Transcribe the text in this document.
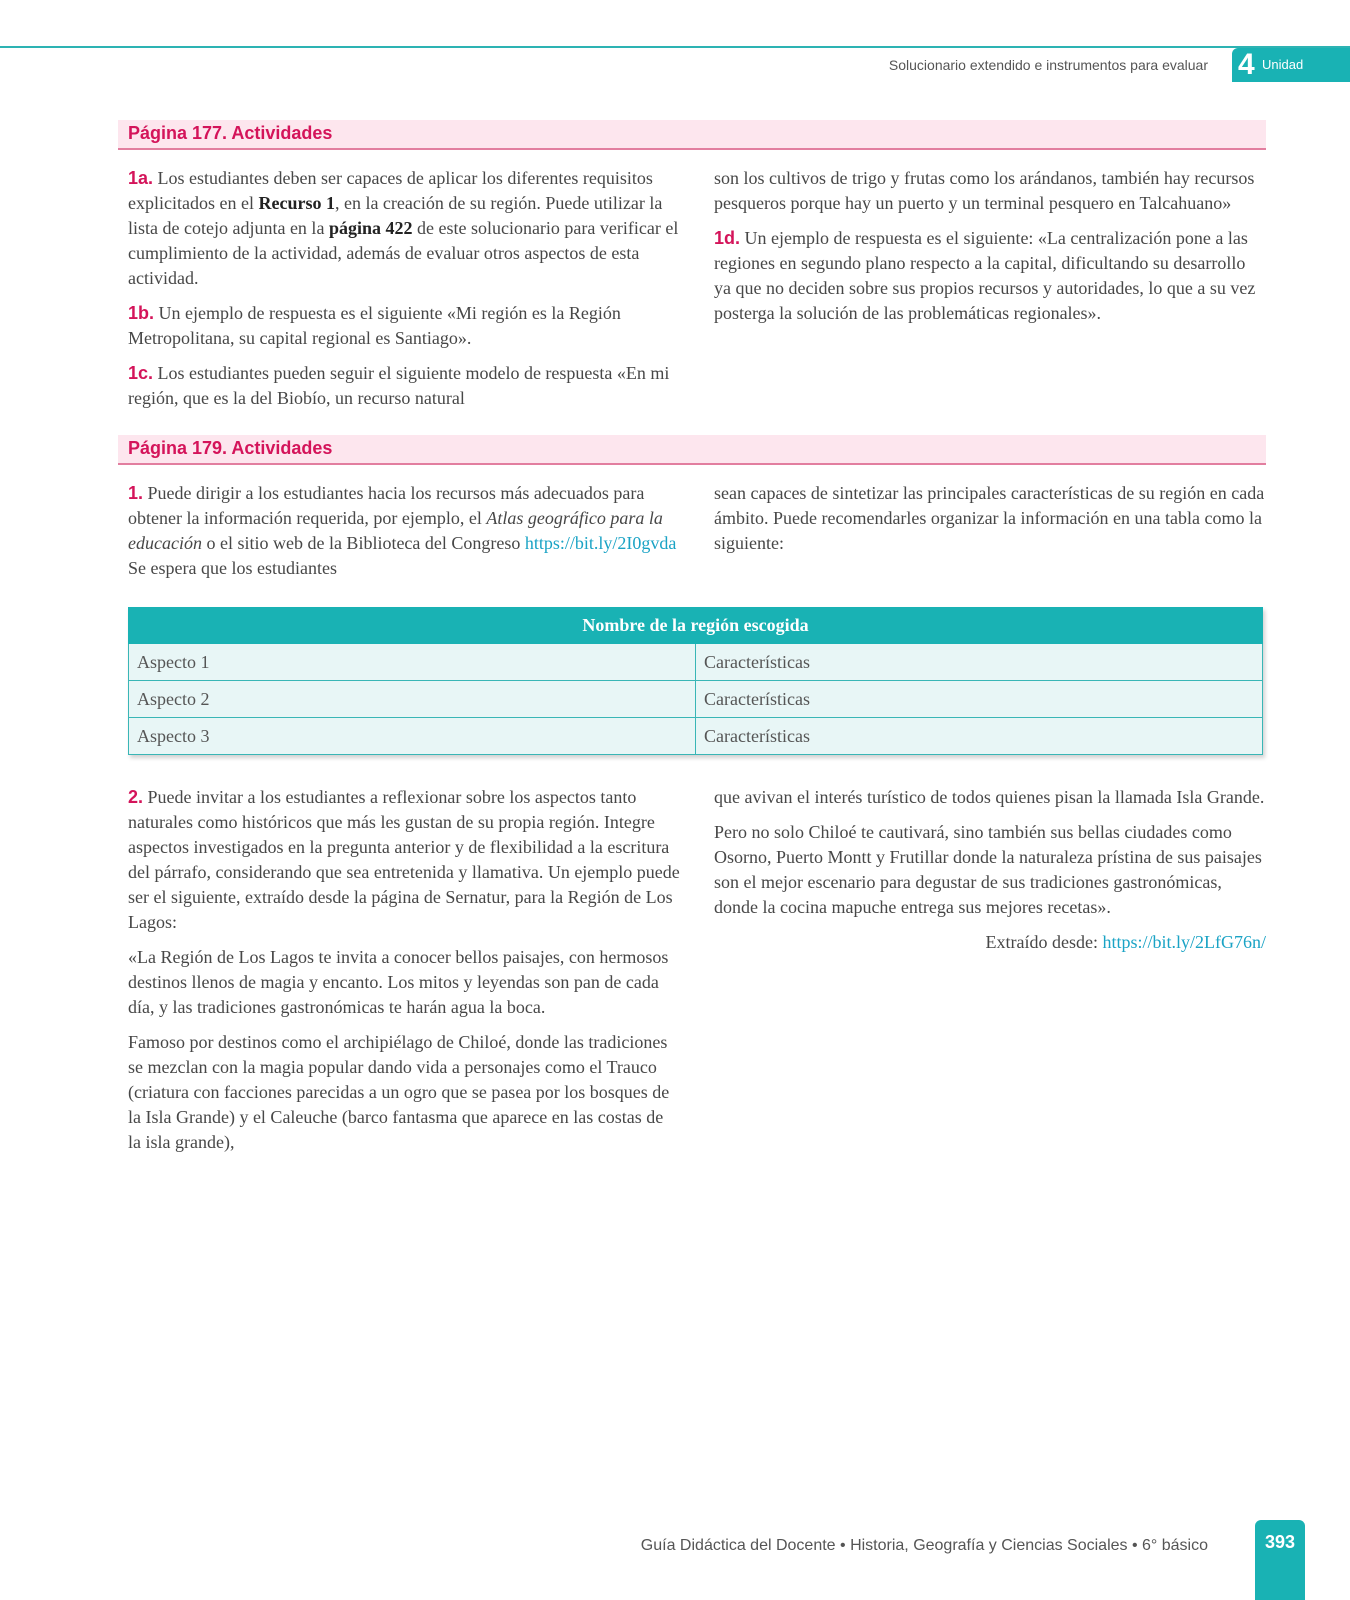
Solucionario extendido e instrumentos para evaluar 4 Unidad
Página 177. Actividades

1a. Los estudiantes deben ser capaces de aplicar los diferentes requisitos explicitados en el Recurso 1, en la creación de su región. Puede utilizar la lista de cotejo adjunta en la página 422 de este solucionario para verificar el cumplimiento de la actividad, además de evaluar otros aspectos de esta actividad.

1b. Un ejemplo de respuesta es el siguiente «Mi región es la Región Metropolitana, su capital regional es Santiago».

1c. Los estudiantes pueden seguir el siguiente modelo de respuesta «En mi región, que es la del Biobío, un recurso natural

son los cultivos de trigo y frutas como los arándanos, también hay recursos pesqueros porque hay un puerto y un terminal pesquero en Talcahuano»

1d. Un ejemplo de respuesta es el siguiente: «La centralización pone a las regiones en segundo plano respecto a la capital, dificultando su desarrollo ya que no deciden sobre sus propios recursos y autoridades, lo que a su vez posterga la solución de las problemáticas regionales».

Página 179. Actividades

1. Puede dirigir a los estudiantes hacia los recursos más adecuados para obtener la información requerida, por ejemplo, el Atlas geográfico para la educación o el sitio web de la Biblioteca del Congreso https://bit.ly/2I0gvda Se espera que los estudiantes

sean capaces de sintetizar las principales características de su región en cada ámbito. Puede recomendarles organizar la información en una tabla como la siguiente:

Nombre de la región escogida	
Aspecto 1	Características
Aspecto 2	Características
Aspecto 3	Características

2. Puede invitar a los estudiantes a reflexionar sobre los aspectos tanto naturales como históricos que más les gustan de su propia región. Integre aspectos investigados en la pregunta anterior y de flexibilidad a la escritura del párrafo, considerando que sea entretenida y llamativa. Un ejemplo puede ser el siguiente, extraído desde la página de Sernatur, para la Región de Los Lagos:

«La Región de Los Lagos te invita a conocer bellos paisajes, con hermosos destinos llenos de magia y encanto. Los mitos y leyendas son pan de cada día, y las tradiciones gastronómicas te harán agua la boca.

Famoso por destinos como el archipiélago de Chiloé, donde las tradiciones se mezclan con la magia popular dando vida a personajes como el Trauco (criatura con facciones parecidas a un ogro que se pasea por los bosques de la Isla Grande) y el Caleuche (barco fantasma que aparece en las costas de la isla grande),

que avivan el interés turístico de todos quienes pisan la llamada Isla Grande.

Pero no solo Chiloé te cautivará, sino también sus bellas ciudades como Osorno, Puerto Montt y Frutillar donde la naturaleza prístina de sus paisajes son el mejor escenario para degustar de sus tradiciones gastronómicas, donde la cocina mapuche entrega sus mejores recetas».

Extraído desde: https://bit.ly/2LfG76n/

Guía Didáctica del Docente • Historia, Geografía y Ciencias Sociales • 6° básico	393
